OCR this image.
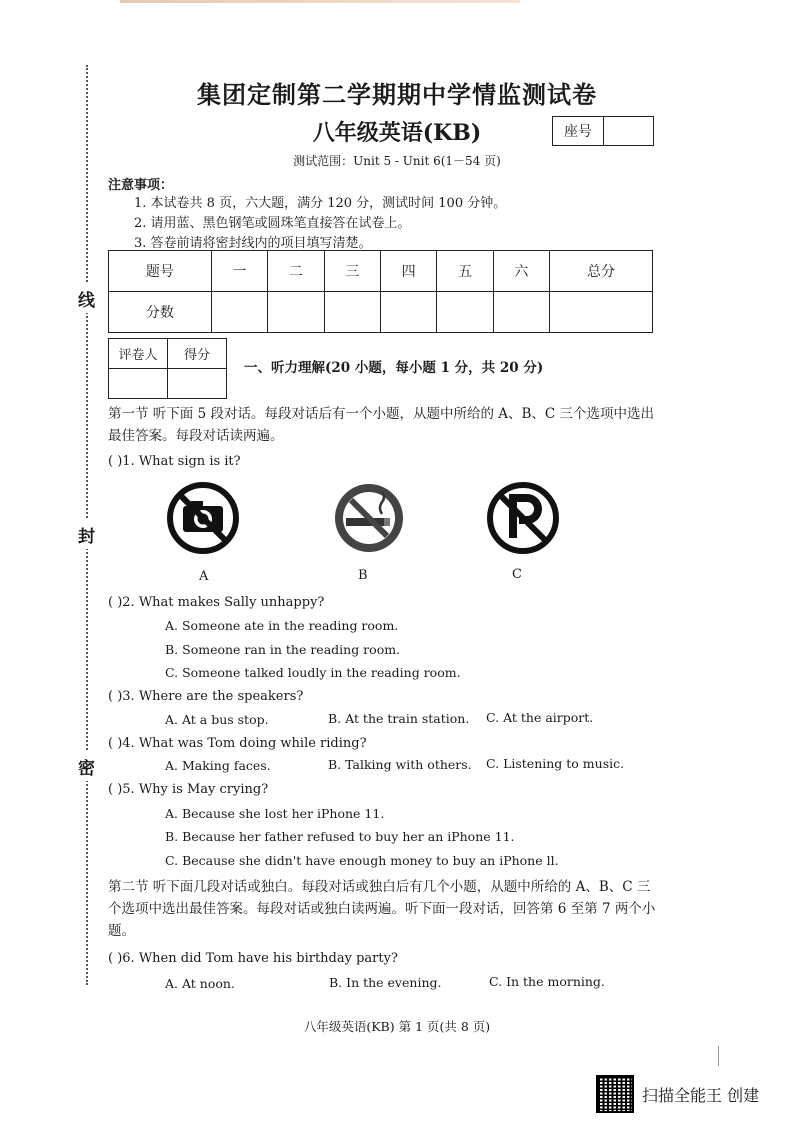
线
封
密
集团定制第二学期期中学情监测试卷
八年级英语(KB)	座号
测试范围：Unit 5 - Unit 6(1－54 页)
注意事项：
1. 本试卷共 8 页，六大题，满分 120 分，测试时间 100 分钟。
2. 请用蓝、黑色钢笔或圆珠笔直接答在试卷上。
3. 答卷前请将密封线内的项目填写清楚。
题号	一	二	三	四	五	六	总分
分数							
评卷人	得分

一、听力理解(20 小题，每小题 1 分，共 20 分)
第一节 听下面 5 段对话。每段对话后有一个小题，从题中所给的 A、B、C 三个选项中选出最佳答案。每段对话读两遍。
( )1. What sign is it?
A	B	C
( )2. What makes Sally unhappy?
A. Someone ate in the reading room.
B. Someone ran in the reading room.
C. Someone talked loudly in the reading room.
( )3. Where are the speakers?
A. At a bus stop.	B. At the train station. C. At the airport.
( )4. What was Tom doing while riding?
A. Making faces.	B. Talking with others. C. Listening to music.
( )5. Why is May crying?
A. Because she lost her iPhone 11.
B. Because her father refused to buy her an iPhone 11.
C. Because she didn't have enough money to buy an iPhone ll.
第二节 听下面几段对话或独白。每段对话或独白后有几个小题，从题中所给的 A、B、C 三个选项中选出最佳答案。每段对话或独白读两遍。听下面一段对话，回答第 6 至第 7 两个小题。
( )6. When did Tom have his birthday party?
A. At noon.	B. In the evening.	C. In the morning.
八年级英语(KB) 第 1 页(共 8 页)
扫描全能王 创建
